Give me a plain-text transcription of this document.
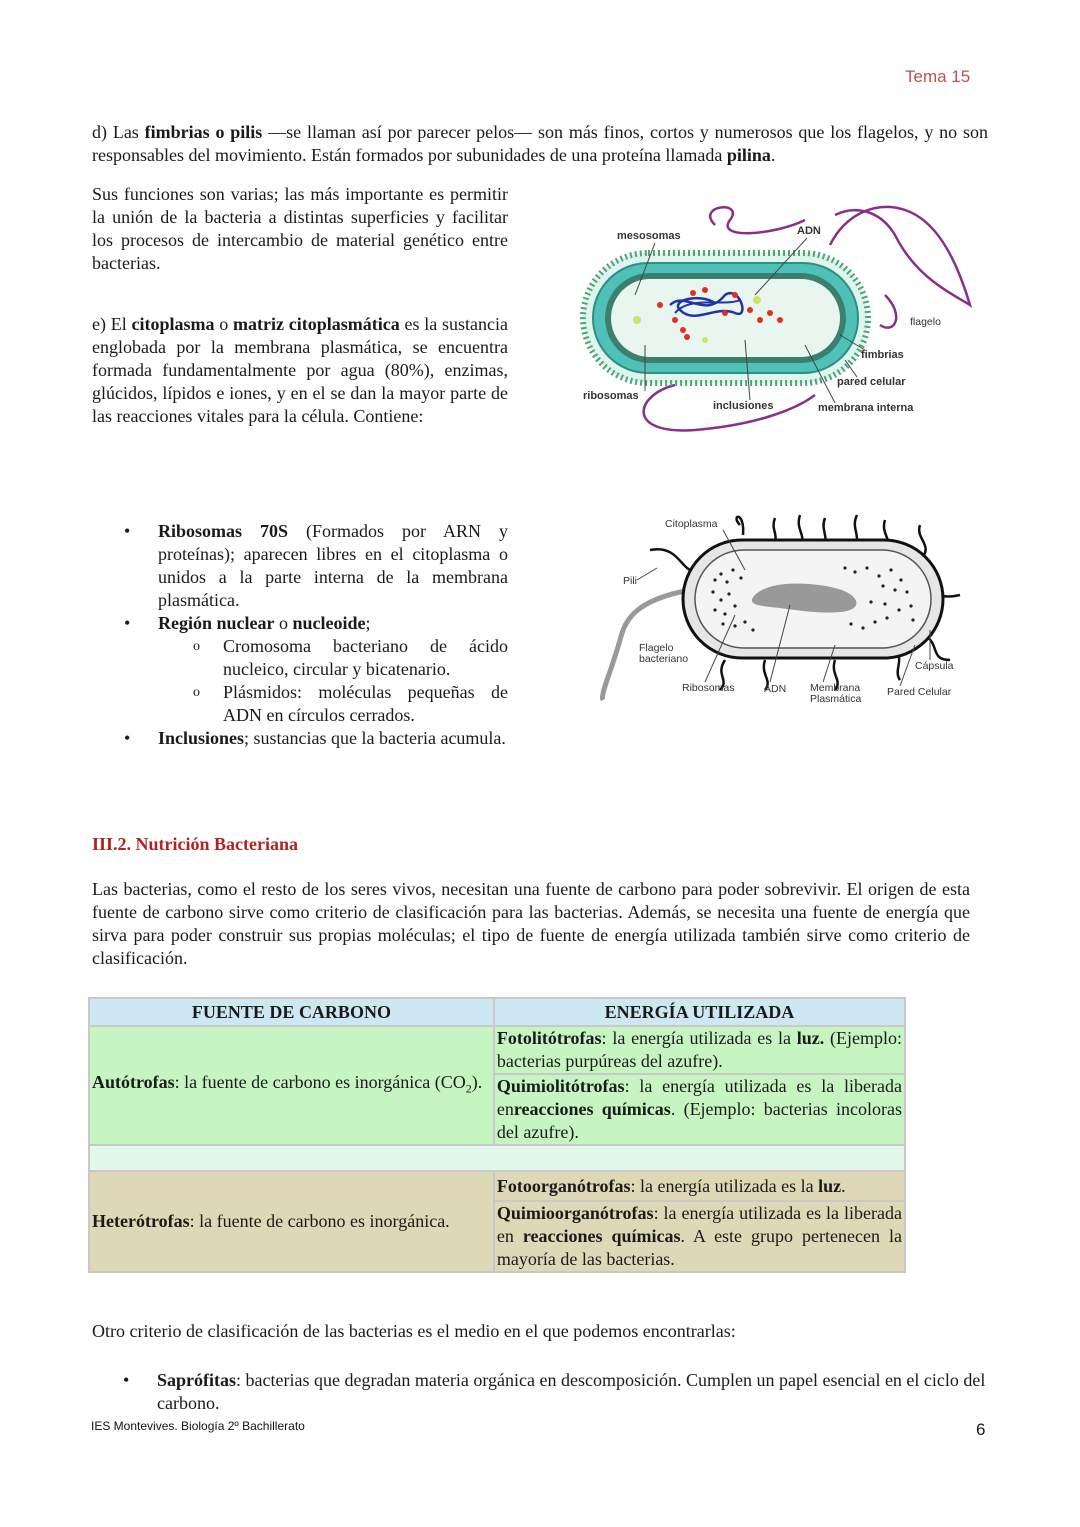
Tema 15
d) Las fimbrias o pilis —se llaman así por parecer pelos— son más finos, cortos y numerosos que los flagelos, y no son responsables del movimiento. Están formados por subunidades de una proteína llamada pilina.
Sus funciones son varias; las más importante es permitir la unión de la bacteria a distintas superficies y facilitar los procesos de intercambio de material genético entre bacterias.
e) El citoplasma o matriz citoplasmática es la sustancia englobada por la membrana plasmática, se encuentra formada fundamentalmente por agua (80%), enzimas, glúcidos, lípidos e iones, y en el se dan la mayor parte de las reacciones vitales para la célula. Contiene:
• Ribosomas 70S (Formados por ARN y proteínas); aparecen libres en el citoplasma o unidos a la parte interna de la membrana plasmática.
• Región nuclear o nucleoide;
o Cromosoma bacteriano de ácido nucleico, circular y bicatenario.
o Plásmidos: moléculas pequeñas de ADN en círculos cerrados.
• Inclusiones; sustancias que la bacteria acumula.
mesosomas	ADN
flagelo
fimbrias
pared celular
membrana interna
ribosomas
inclusiones
Citoplasma
Pili
Flagelo
bacteriano
Ribosomas	ADN Membrana
Plasmática
Cápsula
Pared Celular
III.2. Nutrición Bacteriana
Las bacterias, como el resto de los seres vivos, necesitan una fuente de carbono para poder sobrevivir. El origen de esta fuente de carbono sirve como criterio de clasificación para las bacterias. Además, se necesita una fuente de energía que sirva para poder construir sus propias moléculas; el tipo de fuente de energía utilizada también sirve como criterio de clasificación.
FUENTE DE CARBONO	ENERGÍA UTILIZADA
Autótrofas: la fuente de carbono es inorgánica $(CO_2)$.	Fotolitótrofas: la energía utilizada es la luz. (Ejemplo: bacterias purpúreas del azufre).
	Quimiolitótrofas: la energía utilizada es la liberada enreacciones químicas. (Ejemplo: bacterias incoloras del azufre).

Heterótrofas: la fuente de carbono es inorgánica.	Fotoorganótrofas: la energía utilizada es la luz.
	Quimioorganótrofas: la energía utilizada es la liberada en reacciones químicas. A este grupo pertenecen la mayoría de las bacterias.
Otro criterio de clasificación de las bacterias es el medio en el que podemos encontrarlas:
• Saprófitas: bacterias que degradan materia orgánica en descomposición. Cumplen un papel esencial en el ciclo del carbono.
IES Montevives. Biología 2º Bachillerato	6
